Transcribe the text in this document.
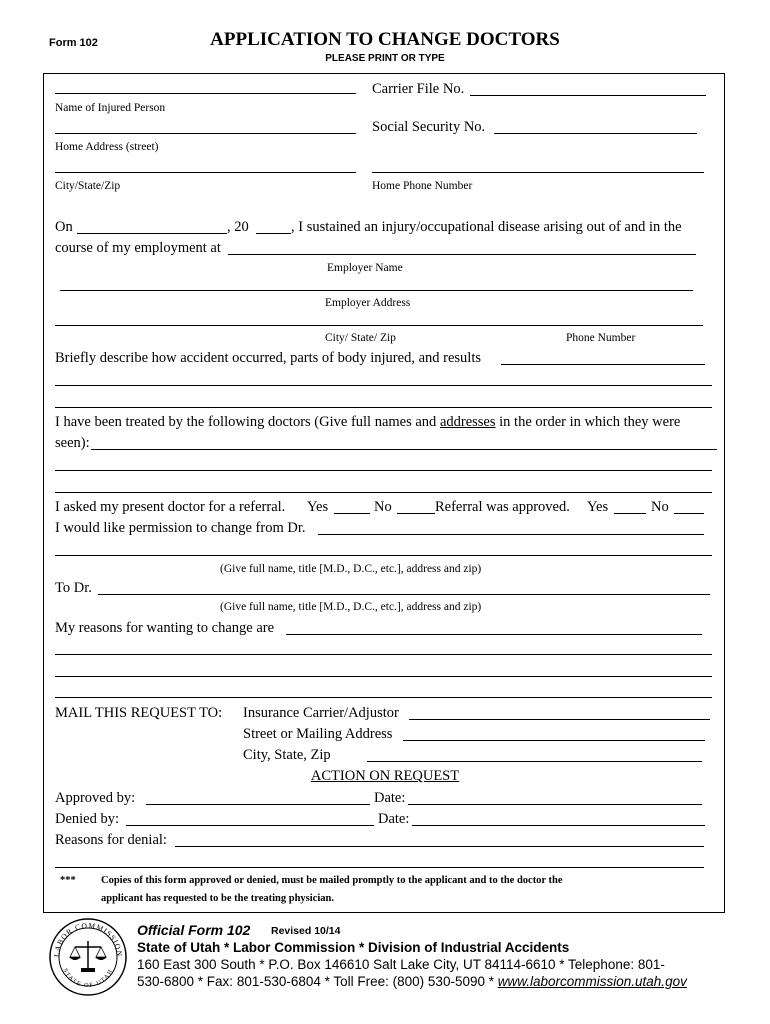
Form 102	APPLICATION TO CHANGE DOCTORS
PLEASE PRINT OR TYPE
Name of Injured Person
Carrier File No.
Home Address (street)
Social Security No.
City/State/Zip	Home Phone Number
On	, 20	, I sustained an injury/occupational disease arising out of and in the
course of my employment at
Employer Name
Employer Address
City/ State/ Zip	Phone Number
Briefly describe how accident occurred, parts of body injured, and results
I have been treated by the following doctors (Give full names and addresses in the order in which they were
seen):
I asked my present doctor for a referral. Yes	No	Referral was approved. Yes	No
I would like permission to change from Dr.
(Give full name, title [M.D., D.C., etc.], address and zip)
To Dr.
(Give full name, title [M.D., D.C., etc.], address and zip)
My reasons for wanting to change are
MAIL THIS REQUEST TO: Insurance Carrier/Adjustor
Street or Mailing Address
City, State, Zip
ACTION ON REQUEST
Approved by:	Date:
Denied by:	Date:
Reasons for denial:
*** Copies of this form approved or denied, must be mailed promptly to the applicant and to the doctor the
applicant has requested to be the treating physician.
LABOR COMMISSION
STATE OF UTAH
Official Form 102 Revised 10/14
State of Utah * Labor Commission * Division of Industrial Accidents
160 East 300 South * P.O. Box 146610 Salt Lake City, UT 84114-6610 * Telephone: 801-
530-6800 * Fax: 801-530-6804 * Toll Free: (800) 530-5090 * www.laborcommission.utah.gov
